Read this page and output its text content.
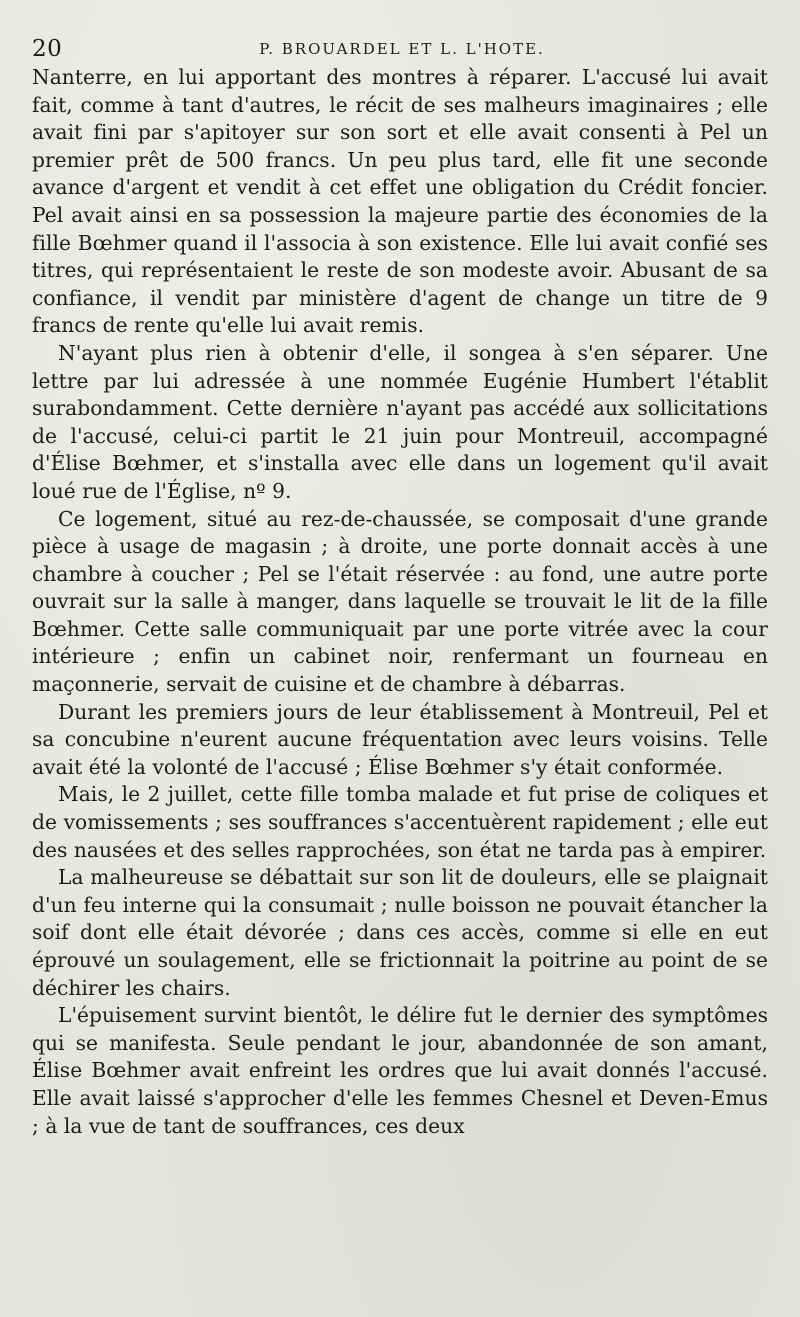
20	P. BROUARDEL ET L. L'HOTE.

Nanterre, en lui apportant des montres à réparer. L'accusé lui avait fait, comme à tant d'autres, le récit de ses malheurs imaginaires ; elle avait fini par s'apitoyer sur son sort et elle avait consenti à Pel un premier prêt de 500 francs. Un peu plus tard, elle fit une seconde avance d'argent et vendit à cet effet une obligation du Crédit foncier. Pel avait ainsi en sa possession la majeure partie des économies de la fille Bœhmer quand il l'associa à son existence. Elle lui avait confié ses titres, qui représentaient le reste de son modeste avoir. Abusant de sa confiance, il vendit par ministère d'agent de change un titre de 9 francs de rente qu'elle lui avait remis.

N'ayant plus rien à obtenir d'elle, il songea à s'en séparer. Une lettre par lui adressée à une nommée Eugénie Humbert l'établit surabondamment. Cette dernière n'ayant pas accédé aux sollicitations de l'accusé, celui-ci partit le 21 juin pour Montreuil, accompagné d'Élise Bœhmer, et s'installa avec elle dans un logement qu'il avait loué rue de l'Église, nº 9.

Ce logement, situé au rez-de-chaussée, se composait d'une grande pièce à usage de magasin ; à droite, une porte donnait accès à une chambre à coucher ; Pel se l'était réservée : au fond, une autre porte ouvrait sur la salle à manger, dans laquelle se trouvait le lit de la fille Bœhmer. Cette salle communiquait par une porte vitrée avec la cour intérieure ; enfin un cabinet noir, renfermant un fourneau en maçonnerie, servait de cuisine et de chambre à débarras.

Durant les premiers jours de leur établissement à Montreuil, Pel et sa concubine n'eurent aucune fréquentation avec leurs voisins. Telle avait été la volonté de l'accusé ; Élise Bœhmer s'y était conformée.

Mais, le 2 juillet, cette fille tomba malade et fut prise de coliques et de vomissements ; ses souffrances s'accentuèrent rapidement ; elle eut des nausées et des selles rapprochées, son état ne tarda pas à empirer.

La malheureuse se débattait sur son lit de douleurs, elle se plaignait d'un feu interne qui la consumait ; nulle boisson ne pouvait étancher la soif dont elle était dévorée ; dans ces accès, comme si elle en eut éprouvé un soulagement, elle se frictionnait la poitrine au point de se déchirer les chairs.

L'épuisement survint bientôt, le délire fut le dernier des symptômes qui se manifesta. Seule pendant le jour, abandonnée de son amant, Élise Bœhmer avait enfreint les ordres que lui avait donnés l'accusé. Elle avait laissé s'approcher d'elle les femmes Chesnel et Deven-Emus ; à la vue de tant de souffrances, ces deux
